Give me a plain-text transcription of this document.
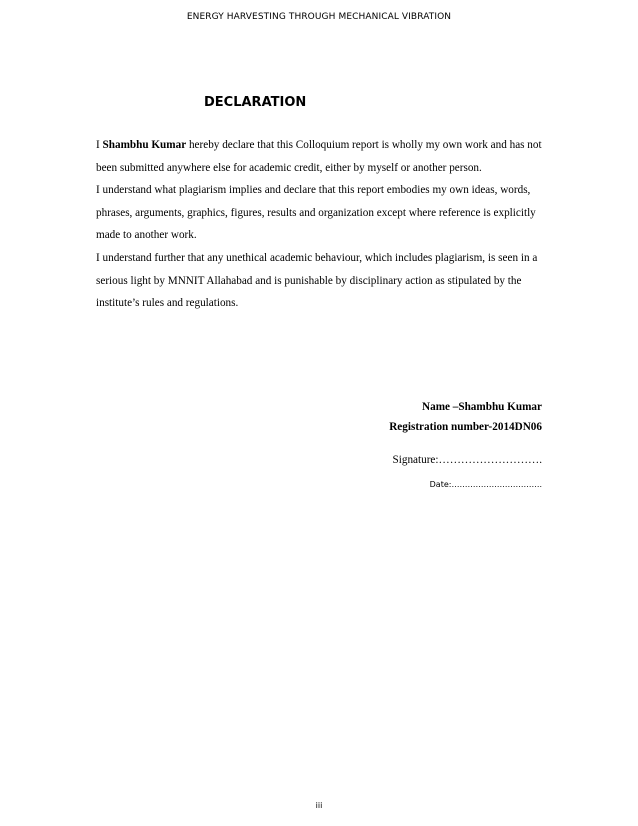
ENERGY HARVESTING THROUGH MECHANICAL VIBRATION
DECLARATION

I Shambhu Kumar hereby declare that this Colloquium report is wholly my own work and has not been submitted anywhere else for academic credit, either by myself or another person.

I understand what plagiarism implies and declare that this report embodies my own ideas, words, phrases, arguments, graphics, figures, results and organization except where reference is explicitly made to another work.

I understand further that any unethical academic behaviour, which includes plagiarism, is seen in a serious light by MNNIT Allahabad and is punishable by disciplinary action as stipulated by the institute’s rules and regulations.

Name –Shambhu Kumar
Registration number-2014DN06
Signature:……………………….
Date:…………………………….
iii
